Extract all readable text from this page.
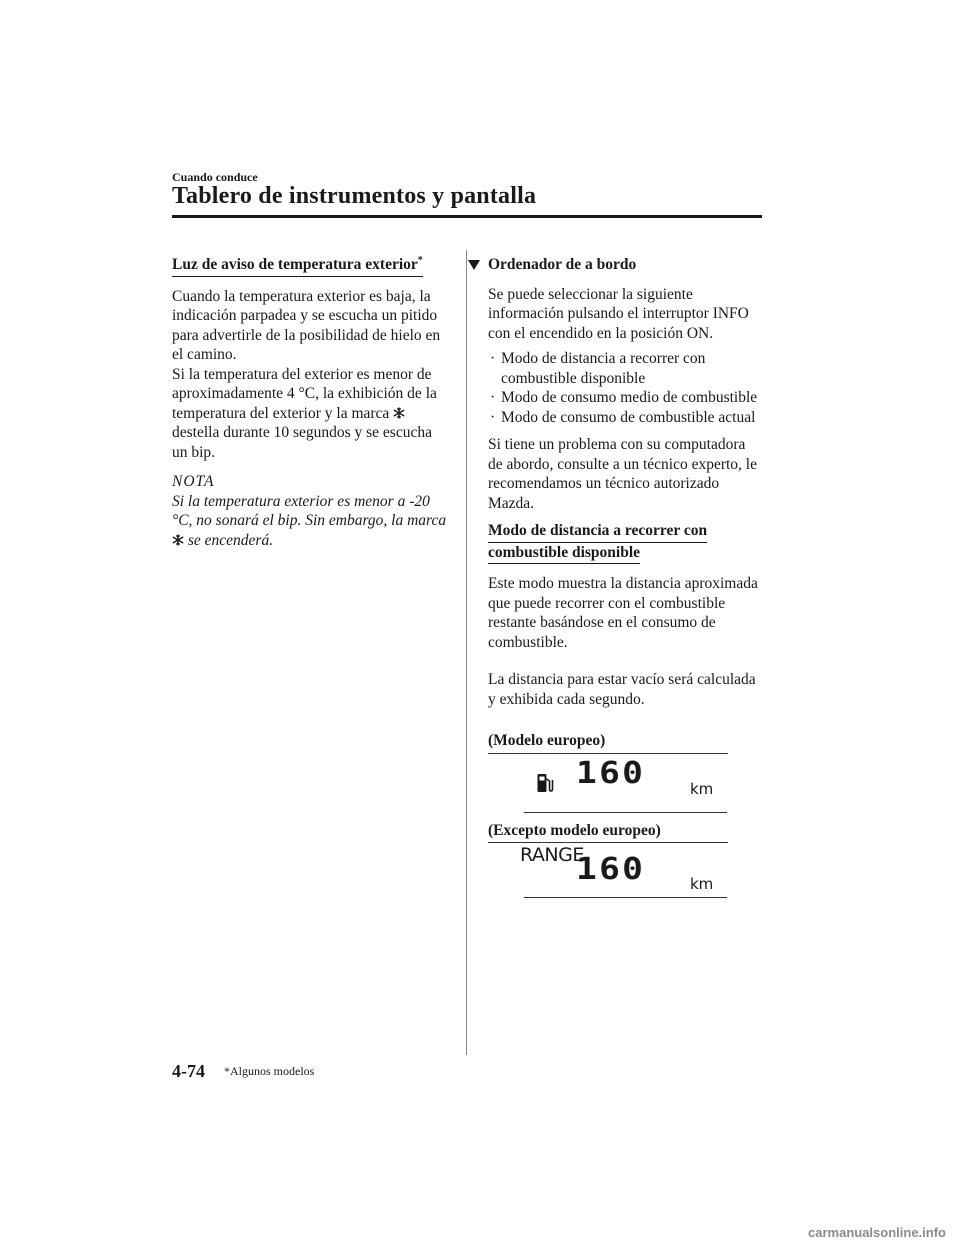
Cuando conduce
Tablero de instrumentos y pantalla
Luz de aviso de temperatura exterior*

Cuando la temperatura exterior es baja, la indicación parpadea y se escucha un pitido para advertirle de la posibilidad de hielo en el camino.

Si la temperatura del exterior es menor de aproximadamente 4 °C, la exhibición de la temperatura del exterior y la marca  destella durante 10 segundos y se escucha un bip.

NOTA

Si la temperatura exterior es menor a -20 °C, no sonará el bip. Sin embargo, la marca  se encenderá.

Ordenador de a bordo

Se puede seleccionar la siguiente información pulsando el interruptor INFO con el encendido en la posición ON.

· Modo de distancia a recorrer con combustible disponible
· Modo de consumo medio de combustible
· Modo de consumo de combustible actual

Si tiene un problema con su computadora de abordo, consulte a un técnico experto, le recomendamos un técnico autorizado Mazda.

Modo de distancia a recorrer con
combustible disponible

Este modo muestra la distancia aproximada que puede recorrer con el combustible restante basándose en el consumo de combustible.

La distancia para estar vacío será calculada y exhibida cada segundo.

(Modelo europeo)
160	km
(Excepto modelo europeo)
RANGE
160	km
4-74 *Algunos modelos
carmanualsonline.info
